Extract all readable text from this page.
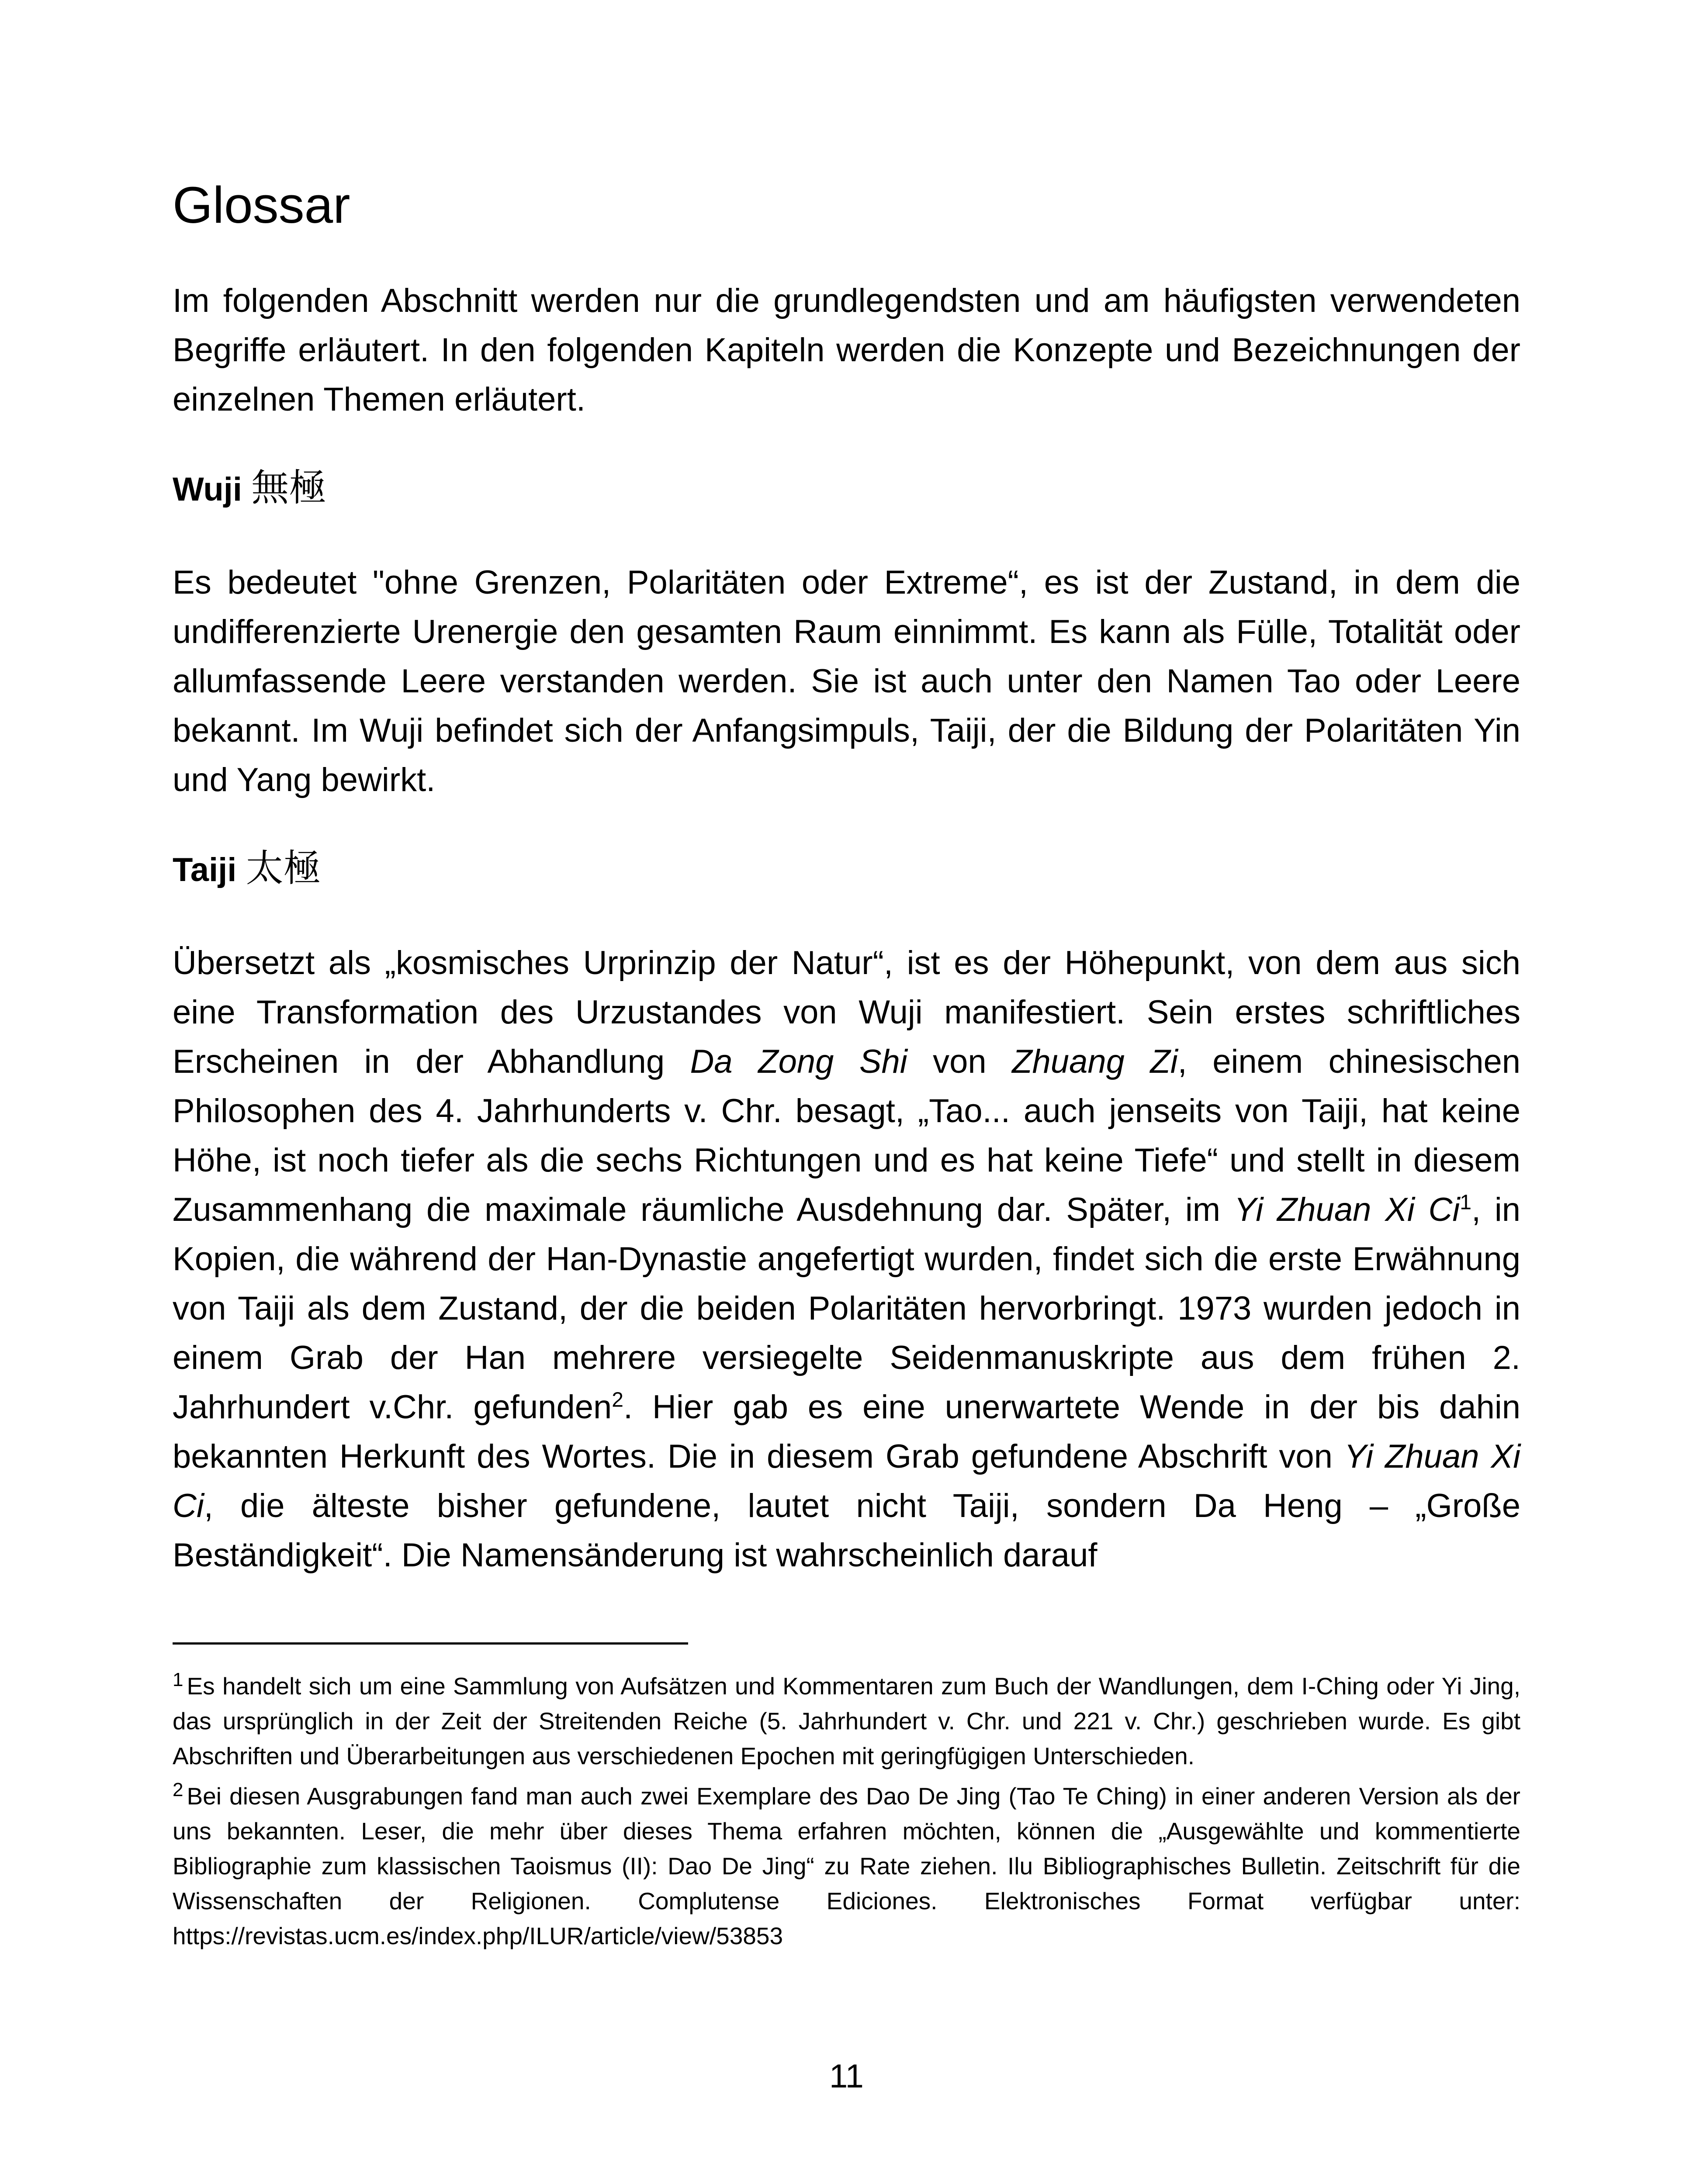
Glossar

Im folgenden Abschnitt werden nur die grundlegendsten und am häufigsten verwendeten Begriffe erläutert. In den folgenden Kapiteln werden die Konzepte und Bezeichnungen der einzelnen Themen erläutert.

Wuji 無極

Es bedeutet "ohne Grenzen, Polaritäten oder Extreme“, es ist der Zustand, in dem die undifferenzierte Urenergie den gesamten Raum einnimmt. Es kann als Fülle, Totalität oder allumfassende Leere verstanden werden. Sie ist auch unter den Namen Tao oder Leere bekannt. Im Wuji befindet sich der Anfangsimpuls, Taiji, der die Bildung der Polaritäten Yin und Yang bewirkt.

Taiji 太極

Übersetzt als „kosmisches Urprinzip der Natur“, ist es der Höhepunkt, von dem aus sich eine Transformation des Urzustandes von Wuji manifestiert. Sein erstes schriftliches Erscheinen in der Abhandlung Da Zong Shi von Zhuang Zi, einem chinesischen Philosophen des 4. Jahrhunderts v. Chr. besagt, „Tao... auch jenseits von Taiji, hat keine Höhe, ist noch tiefer als die sechs Richtungen und es hat keine Tiefe“ und stellt in diesem Zusammenhang die maximale räumliche Ausdehnung dar. Später, im Yi Zhuan Xi Ci$^1$, in Kopien, die während der Han-Dynastie angefertigt wurden, findet sich die erste Erwähnung von Taiji als dem Zustand, der die beiden Polaritäten hervorbringt. 1973 wurden jedoch in einem Grab der Han mehrere versiegelte Seidenmanuskripte aus dem frühen 2. Jahrhundert v.Chr. gefunden$^2$. Hier gab es eine unerwartete Wende in der bis dahin bekannten Herkunft des Wortes. Die in diesem Grab gefundene Abschrift von Yi Zhuan Xi Ci, die älteste bisher gefundene, lautet nicht Taiji, sondern Da Heng – „Große Beständigkeit“. Die Namensänderung ist wahrscheinlich darauf

$^1$ Es handelt sich um eine Sammlung von Aufsätzen und Kommentaren zum Buch der Wandlungen, dem I-Ching oder Yi Jing, das ursprünglich in der Zeit der Streitenden Reiche (5. Jahrhundert v. Chr. und 221 v. Chr.) geschrieben wurde. Es gibt Abschriften und Überarbeitungen aus verschiedenen Epochen mit geringfügigen Unterschieden.

$^2$ Bei diesen Ausgrabungen fand man auch zwei Exemplare des Dao De Jing (Tao Te Ching) in einer anderen Version als der uns bekannten. Leser, die mehr über dieses Thema erfahren möchten, können die „Ausgewählte und kommentierte Bibliographie zum klassischen Taoismus (II): Dao De Jing“ zu Rate ziehen. Ilu Bibliographisches Bulletin. Zeitschrift für die Wissenschaften der Religionen. Complutense Ediciones. Elektronisches Format verfügbar unter: https://revistas.ucm.es/index.php/ILUR/article/view/53853

11
